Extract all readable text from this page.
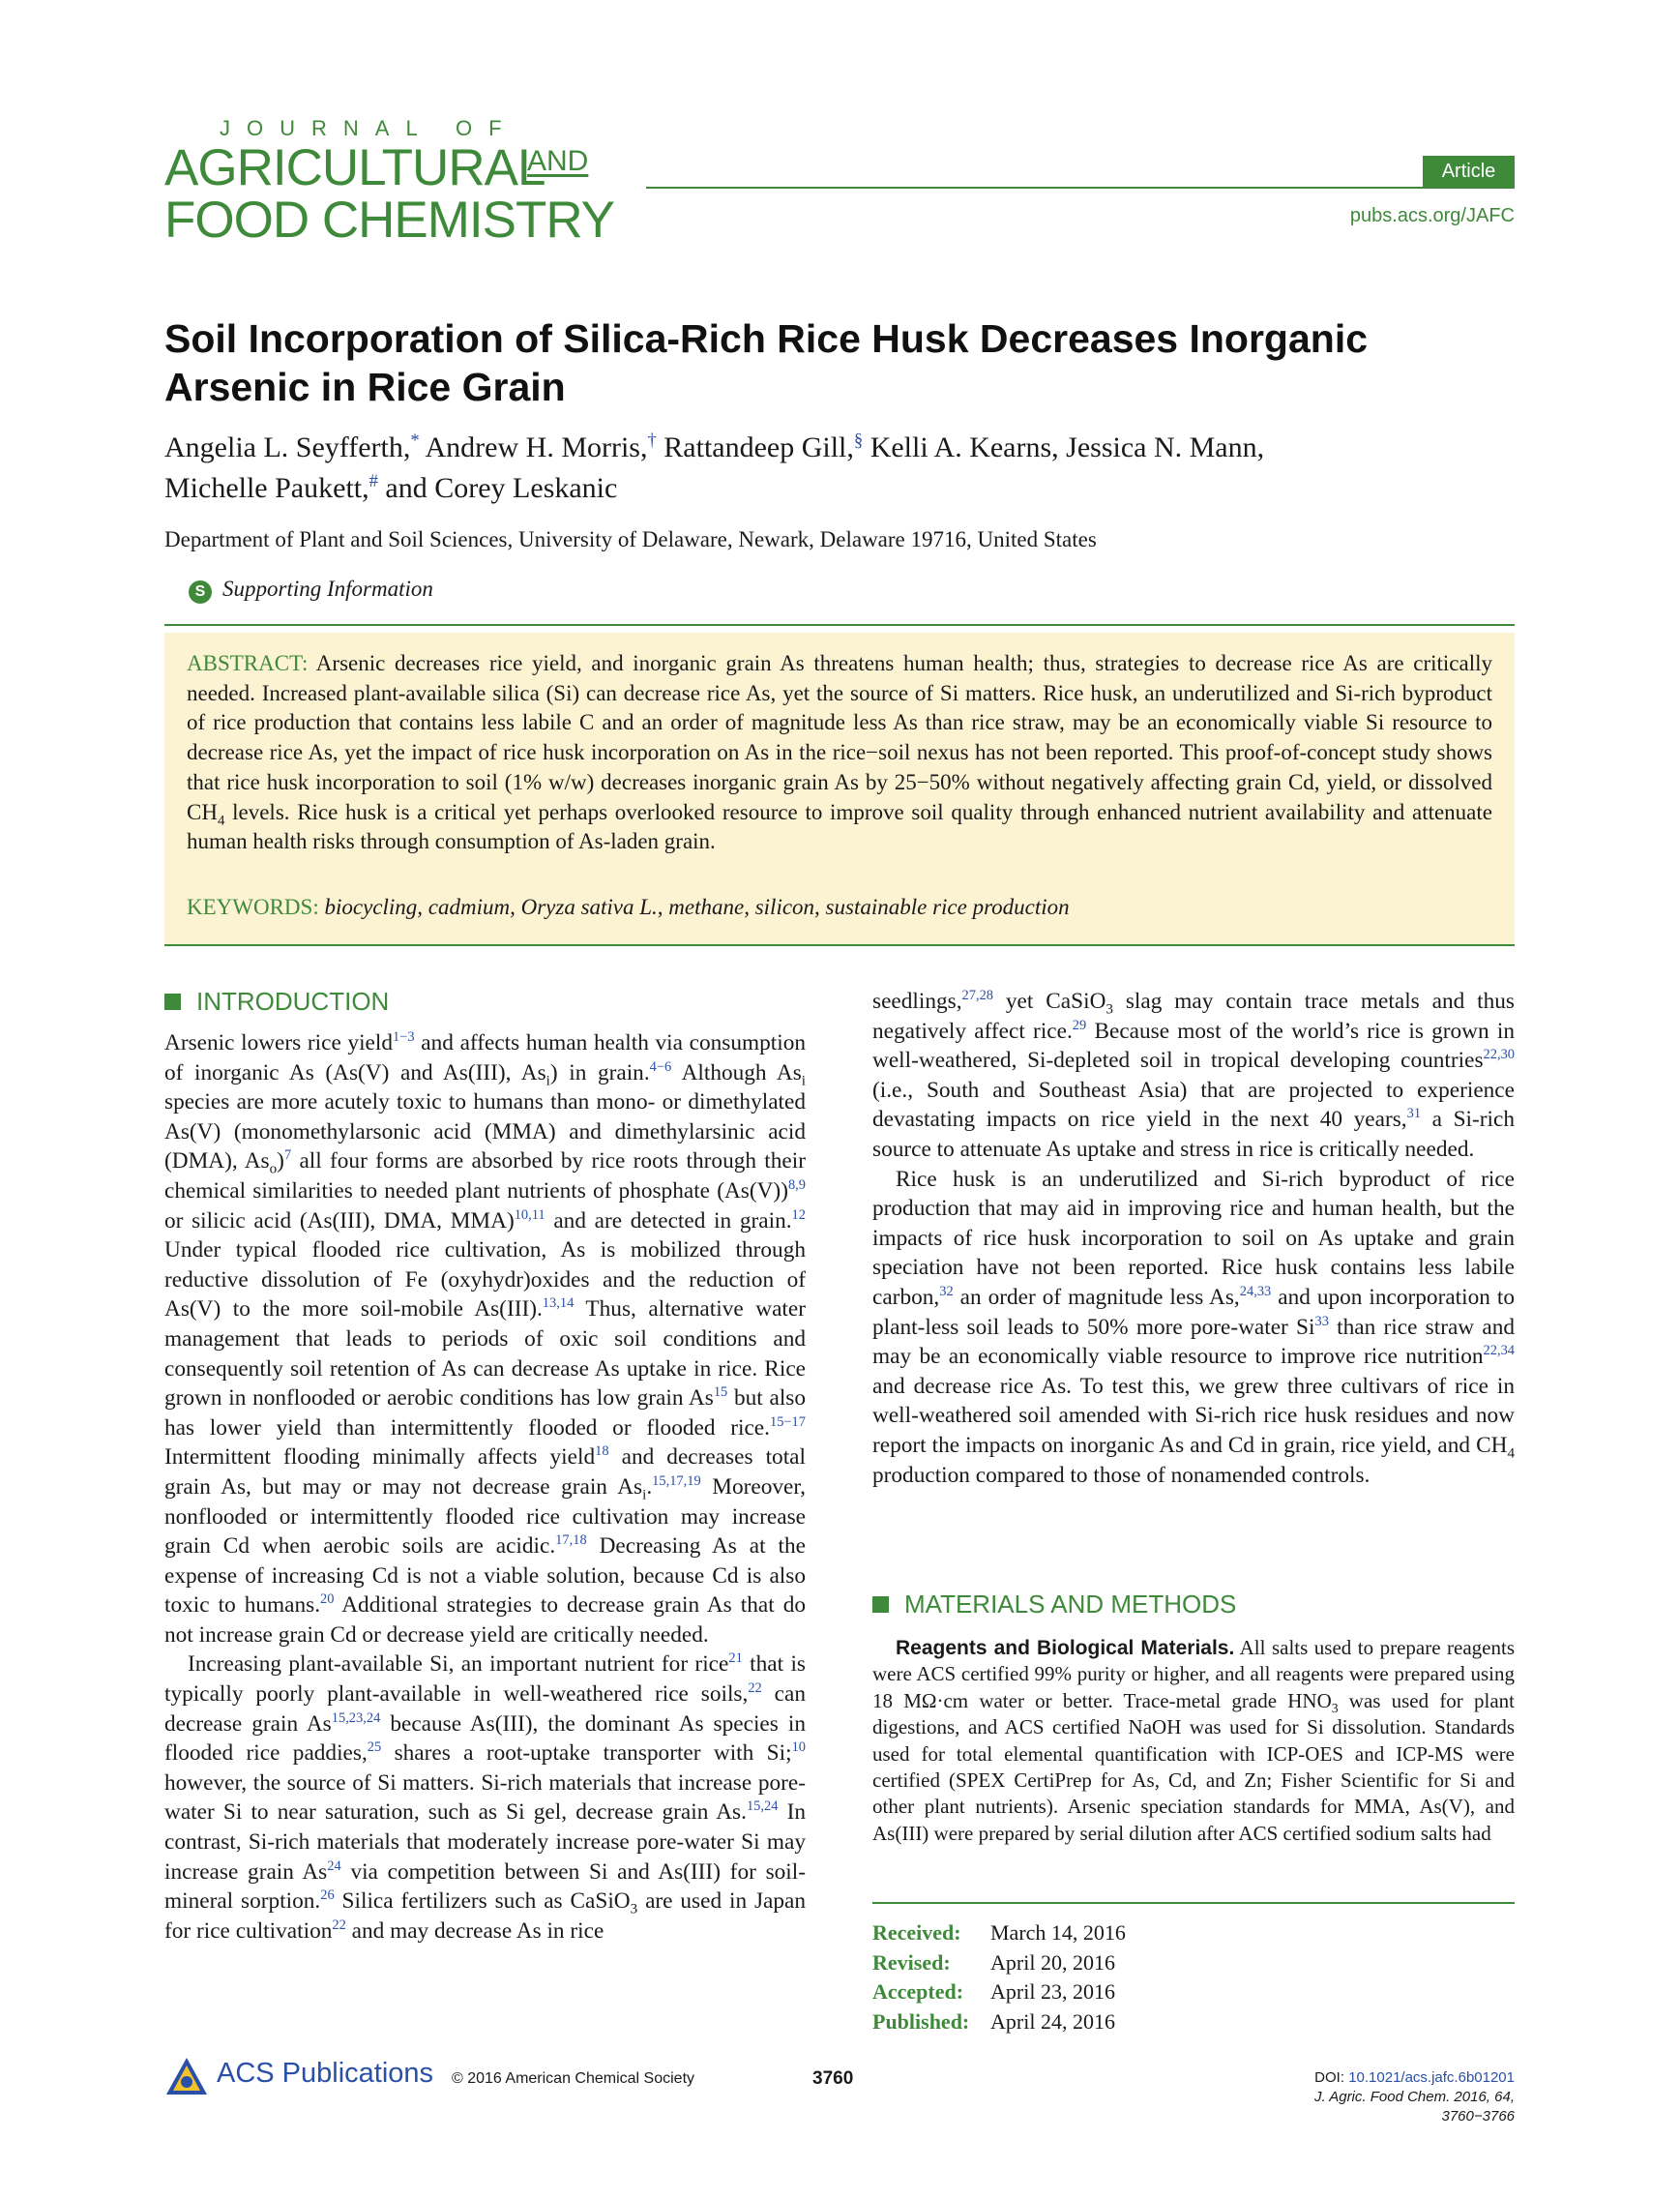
JOURNAL OF
AGRICULTURAL
AND
FOOD CHEMISTRY
Article
pubs.acs.org/JAFC
Soil Incorporation of Silica-Rich Rice Husk Decreases Inorganic Arsenic in Rice Grain
Angelia L. Seyfferth,* Andrew H. Morris,† Rattandeep Gill,§ Kelli A. Kearns, Jessica N. Mann,
Michelle Paukett,# and Corey Leskanic
Department of Plant and Soil Sciences, University of Delaware, Newark, Delaware 19716, United States
S Supporting Information
ABSTRACT: Arsenic decreases rice yield, and inorganic grain As threatens human health; thus, strategies to decrease rice As are critically needed. Increased plant-available silica (Si) can decrease rice As, yet the source of Si matters. Rice husk, an underutilized and Si-rich byproduct of rice production that contains less labile C and an order of magnitude less As than rice straw, may be an economically viable Si resource to decrease rice As, yet the impact of rice husk incorporation on As in the rice−soil nexus has not been reported. This proof-of-concept study shows that rice husk incorporation to soil (1% w/w) decreases inorganic grain As by 25−50% without negatively affecting grain Cd, yield, or dissolved $CH_4$ levels. Rice husk is a critical yet perhaps overlooked resource to improve soil quality through enhanced nutrient availability and attenuate human health risks through consumption of As-laden grain.
KEYWORDS: biocycling, cadmium, Oryza sativa L., methane, silicon, sustainable rice production
INTRODUCTION
Arsenic lowers rice yield$^{1-3}$ and affects human health via consumption of inorganic As (As(V) and As(III), $As_i$) in grain.$^{4-6}$ Although $As_i$ species are more acutely toxic to humans than mono- or dimethylated As(V) (monomethylarsonic acid (MMA) and dimethylarsinic acid (DMA), $As_o)^7$ all four forms are absorbed by rice roots through their chemical similarities to needed plant nutrients of phosphate $(As(V))^{8,9}$ or silicic acid (As(III), DMA, MMA)$^{10,11}$ and are detected in grain.$^{12}$ Under typical flooded rice cultivation, As is mobilized through reductive dissolution of Fe (oxyhydr)oxides and the reduction of As(V) to the more soil-mobile As(III).$^{13,14}$ Thus, alternative water management that leads to periods of oxic soil conditions and consequently soil retention of As can decrease As uptake in rice. Rice grown in nonflooded or aerobic conditions has low grain As$^{15}$ but also has lower yield than intermittently flooded or flooded rice.$^{15-17}$ Intermittent flooding minimally affects yield$^{18}$ and decreases total grain As, but may or may not decrease grain $As_i.^{15,17,19}$ Moreover, nonflooded or intermittently flooded rice cultivation may increase grain Cd when aerobic soils are acidic.$^{17,18}$ Decreasing As at the expense of increasing Cd is not a viable solution, because Cd is also toxic to humans.$^{20}$ Additional strategies to decrease grain As that do not increase grain Cd or decrease yield are critically needed.
Increasing plant-available Si, an important nutrient for rice$^{21}$ that is typically poorly plant-available in well-weathered rice soils,$^{22}$ can decrease grain As$^{15,23,24}$ because As(III), the dominant As species in flooded rice paddies,$^{25}$ shares a root-uptake transporter with Si;$^{10}$ however, the source of Si matters. Si-rich materials that increase pore-water Si to near saturation, such as Si gel, decrease grain As.$^{15,24}$ In contrast, Si-rich materials that moderately increase pore-water Si may increase grain As$^{24}$ via competition between Si and As(III) for soil-mineral sorption.$^{26}$ Silica fertilizers such as CaSiO$_3$ are used in Japan for rice cultivation$^{22}$ and may decrease As in rice
seedlings,$^{27,28}$ yet CaSiO$_3$ slag may contain trace metals and thus negatively affect rice.$^{29}$ Because most of the world’s rice is grown in well-weathered, Si-depleted soil in tropical developing countries$^{22,30}$ (i.e., South and Southeast Asia) that are projected to experience devastating impacts on rice yield in the next 40 years,$^{31}$ a Si-rich source to attenuate As uptake and stress in rice is critically needed.
Rice husk is an underutilized and Si-rich byproduct of rice production that may aid in improving rice and human health, but the impacts of rice husk incorporation to soil on As uptake and grain speciation have not been reported. Rice husk contains less labile carbon,$^{32}$ an order of magnitude less As,$^{24,33}$ and upon incorporation to plant-less soil leads to 50% more pore-water Si$^{33}$ than rice straw and may be an economically viable resource to improve rice nutrition$^{22,34}$ and decrease rice As. To test this, we grew three cultivars of rice in well-weathered soil amended with Si-rich rice husk residues and now report the impacts on inorganic As and Cd in grain, rice yield, and $CH_4$ production compared to those of nonamended controls.
MATERIALS AND METHODS
Reagents and Biological Materials. All salts used to prepare reagents were ACS certified 99% purity or higher, and all reagents were prepared using 18 MΩ·cm water or better. Trace-metal grade $HNO_3$ was used for plant digestions, and ACS certified NaOH was used for Si dissolution. Standards used for total elemental quantification with ICP-OES and ICP-MS were certified (SPEX CertiPrep for As, Cd, and Zn; Fisher Scientific for Si and other plant nutrients). Arsenic speciation standards for MMA, As(V), and As(III) were prepared by serial dilution after ACS certified sodium salts had
Received: March 14, 2016
Revised: April 20, 2016
Accepted: April 23, 2016
Published: April 24, 2016
ACS Publications © 2016 American Chemical Society	3760	DOI: 10.1021/acs.jafc.6b01201
J. Agric. Food Chem. 2016, 64, 3760−3766
